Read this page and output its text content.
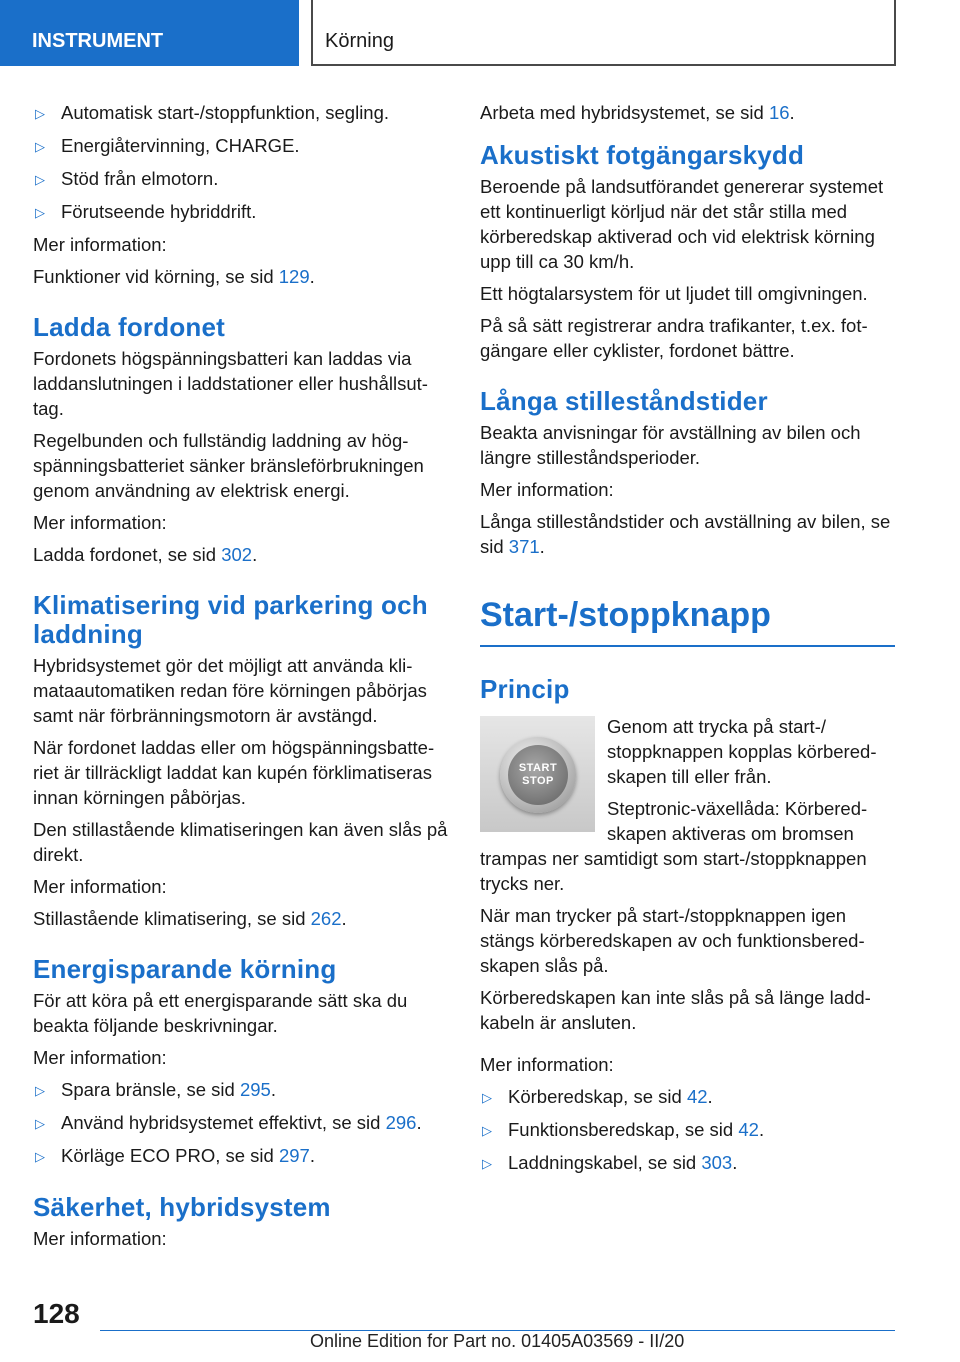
INSTRUMENT	Körning
▷ Automatisk start-/stoppfunktion, segling.
▷ Energiåtervinning, CHARGE.
▷ Stöd från elmotorn.
▷ Förutseende hybriddrift.

Mer information:

Funktioner vid körning, se sid 129.

Ladda fordonet

Fordonets högspänningsbatteri kan laddas via laddanslutningen i laddstationer eller hushållsuttag.

Regelbunden och fullständig laddning av högspänningsbatteriet sänker bränsleförbrukningen genom användning av elektrisk energi.

Mer information:

Ladda fordonet, se sid 302.

Klimatisering vid parkering och laddning

Hybridsystemet gör det möjligt att använda klimataautomatiken redan före körningen påbörjas samt när förbränningsmotorn är avstängd.

När fordonet laddas eller om högspänningsbatteriet är tillräckligt laddat kan kupén förklimatiseras innan körningen påbörjas.

Den stillastående klimatiseringen kan även slås på direkt.

Mer information:

Stillastående klimatisering, se sid 262.

Energisparande körning

För att köra på ett energisparande sätt ska du beakta följande beskrivningar.

Mer information:

▷ Spara bränsle, se sid 295.
▷ Använd hybridsystemet effektivt, se sid 296.
▷ Körläge ECO PRO, se sid 297.
Säkerhet, hybridsystem

Mer information:

Arbeta med hybridsystemet, se sid 16.

Akustiskt fotgängarskydd

Beroende på landsutförandet genererar systemet ett kontinuerligt körljud när det står stilla med körberedskap aktiverad och vid elektrisk körning upp till ca 30 km/h.

Ett högtalarsystem för ut ljudet till omgivningen.

På så sätt registrerar andra trafikanter, t.ex. fotgängare eller cyklister, fordonet bättre.

Långa stilleståndstider

Beakta anvisningar för avställning av bilen och längre stilleståndsperioder.

Mer information:

Långa stilleståndstider och avställning av bilen, se sid 371.

Start-/stoppknapp
Princip
START
STOP

Genom att trycka på start-/ stoppknappen kopplas körberedskapen till eller från.

Steptronic-växellåda: Körberedskapen aktiveras om bromsen trampas ner samtidigt som start-/stoppknappen trycks ner.

När man trycker på start-/stoppknappen igen stängs körberedskapen av och funktionsberedskapen slås på.

Körberedskapen kan inte slås på så länge laddkabeln är ansluten.

Mer information:

▷ Körberedskap, se sid 42.
▷ Funktionsberedskap, se sid 42.
▷ Laddningskabel, se sid 303.
128
Online Edition for Part no. 01405A03569 - II/20
